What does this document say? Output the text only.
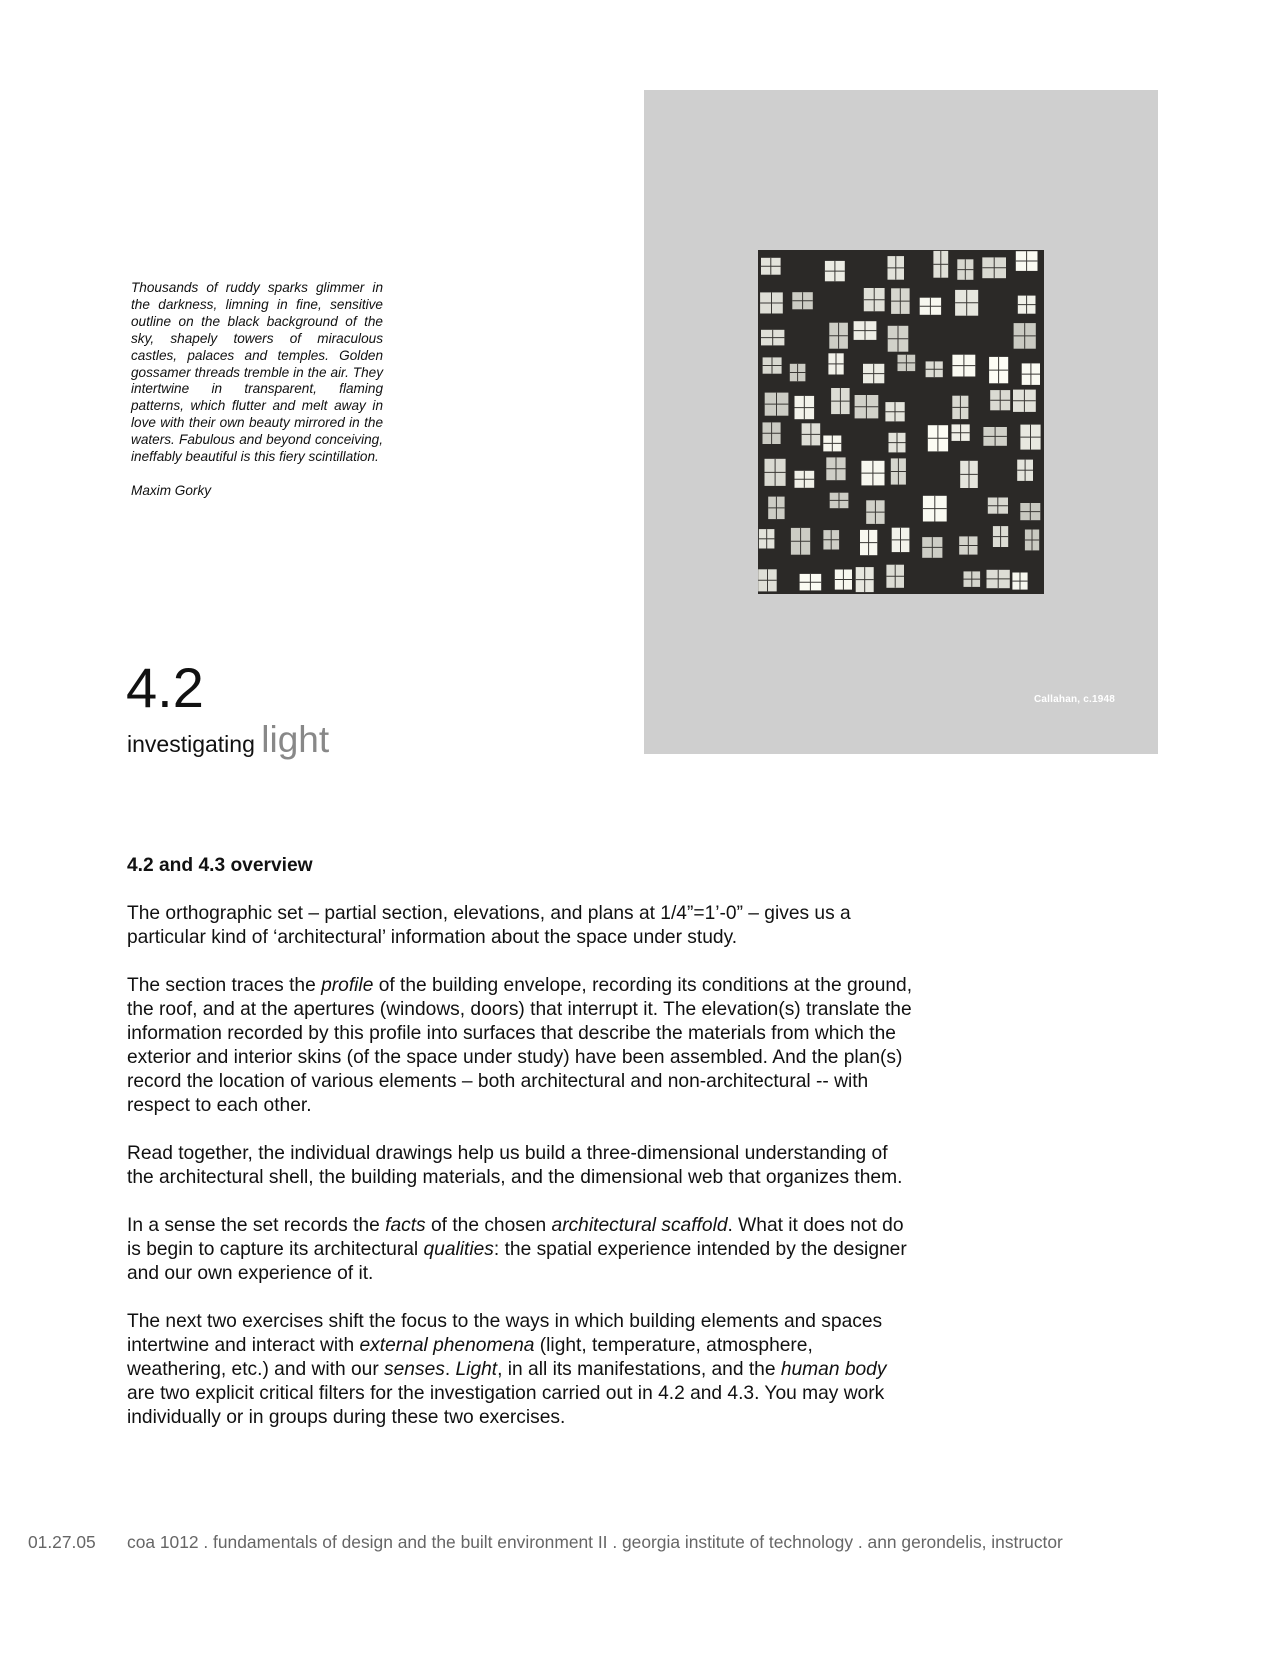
Thousands of ruddy sparks glimmer in the darkness, limning in fine, sensitive outline on the black background of the sky, shapely towers of miraculous castles, palaces and temples. Golden gossamer threads tremble in the air. They intertwine in transparent, flaming patterns, which flutter and melt away in love with their own beauty mirrored in the waters. Fabulous and beyond conceiving, ineffably beautiful is this fiery scintillation.

Maxim Gorky

Callahan, c.1948
4.2
investigating light
4.2 and 4.3 overview

The orthographic set – partial section, elevations, and plans at 1/4”=1’-0” – gives us a particular kind of ‘architectural’ information about the space under study.

The section traces the profile of the building envelope, recording its conditions at the ground, the roof, and at the apertures (windows, doors) that interrupt it. The elevation(s) translate the information recorded by this profile into surfaces that describe the materials from which the exterior and interior skins (of the space under study) have been assembled. And the plan(s) record the location of various elements – both architectural and non-architectural -- with respect to each other.

Read together, the individual drawings help us build a three-dimensional understanding of the architectural shell, the building materials, and the dimensional web that organizes them.

In a sense the set records the facts of the chosen architectural scaffold. What it does not do is begin to capture its architectural qualities: the spatial experience intended by the designer and our own experience of it.

The next two exercises shift the focus to the ways in which building elements and spaces intertwine and interact with external phenomena (light, temperature, atmosphere, weathering, etc.) and with our senses. Light, in all its manifestations, and the human body are two explicit critical filters for the investigation carried out in 4.2 and 4.3. You may work individually or in groups during these two exercises.

01.27.05 coa 1012 . fundamentals of design and the built environment II . georgia institute of technology . ann gerondelis, instructor
